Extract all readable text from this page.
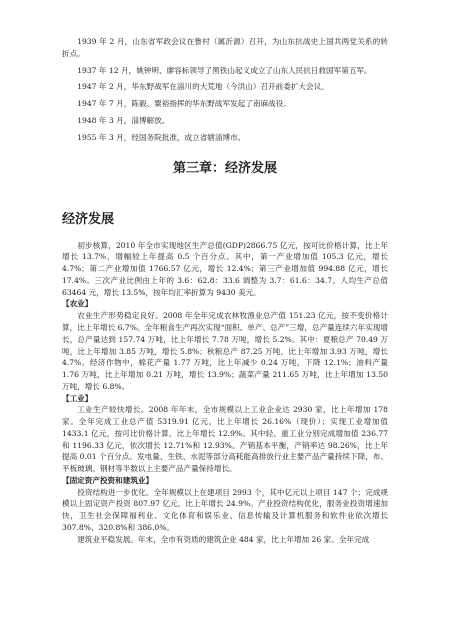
1939 年 2 月，山东省军政会议在鲁村（属沂源）召开，为山东抗战史上国共两党关系的转折点。

1937 年 12 月，姚钟明、廖容标领导了黑铁山起义成立了山东人民抗日救国军第五军。

1947 年 2 月，华东野战军在淄川的大荒地（今洪山）召开前委扩大会议。

1947 年 7 月，陈毅、粟裕指挥的华东野战军发起了南麻战役。

1948 年 3 月，淄博解放。

1955 年 3 月，经国务院批准，成立省辖淄博市。

第三章：经济发展
经济发展

初步核算，2010 年全市实现地区生产总值(GDP)2866.75 亿元，按可比价格计算，比上年增长 13.7%，增幅较上年提高 0.5 个百分点。其中，第一产业增加值 105.3 亿元，增长 4.7%；第二产业增加值 1766.57 亿元，增长 12.4%；第三产业增加值 994.88 亿元，增长 17.4%。三次产业比例由上年的 3.6：62.8：33.6 调整为 3.7：61.6：34.7。人均生产总值 63464 元，增长 13.5%，按年均汇率折算为 9430 美元。

【农业】

农业生产形势稳定良好。2008 年全年完成农林牧渔业总产值 151.23 亿元，按不变价格计算，比上年增长 6.7%。全年粮食生产再次实现“面积、单产、总产”三增，总产量连续六年实现增长，总产量达到 157.74 万吨，比上年增长 7.78 万吨，增长 5.2%。其中：夏粮总产 70.49 万吨，比上年增加 3.85 万吨，增长 5.8%；秋粮总产 87.25 万吨，比上年增加 3.93 万吨，增长 4.7%。经济作物中，棉花产量 1.77 万吨，比上年减少 0.24 万吨，下降 12.1%；油料产量 1.76 万吨，比上年增加 0.21 万吨，增长 13.9%；蔬菜产量 211.65 万吨，比上年增加 13.50 万吨，增长 6.8%。

【工业】

工业生产较快增长。2008 年年末，全市规模以上工业企业达 2930 家，比上年增加 178 家。全年完成工业总产值 5319.91 亿元，比上年增长 26.16%（现价）；实现工业增加值 1433.1 亿元，按可比价格计算，比上年增长 12.9%。其中轻、重工业分别完成增加值 236.77 和 1196.33 亿元，依次增长 12.71%和 12.93%。产销基本平衡，产销率达 98.26%，比上年提高 0.01 个百分点。发电量、生铁、水泥等部分高耗能高排放行业主要产品产量持续下降，布、平板玻璃、钢材等半数以上主要产品产量保持增长。

【固定资产投资和建筑业】

投资结构进一步优化。全年规模以上在建项目 2993 个，其中亿元以上项目 147 个；完成规模以上固定资产投资 807.97 亿元，比上年增长 24.9%。产业投资结构优化，服务业投资增速加快，卫生社会保障福利业、文化体育和娱乐业、信息传输及计算机服务和软件业依次增长 307.8%、320.8%和 386.0%。

建筑业平稳发展。年末，全市有资质的建筑企业 484 家，比上年增加 26 家。全年完成
